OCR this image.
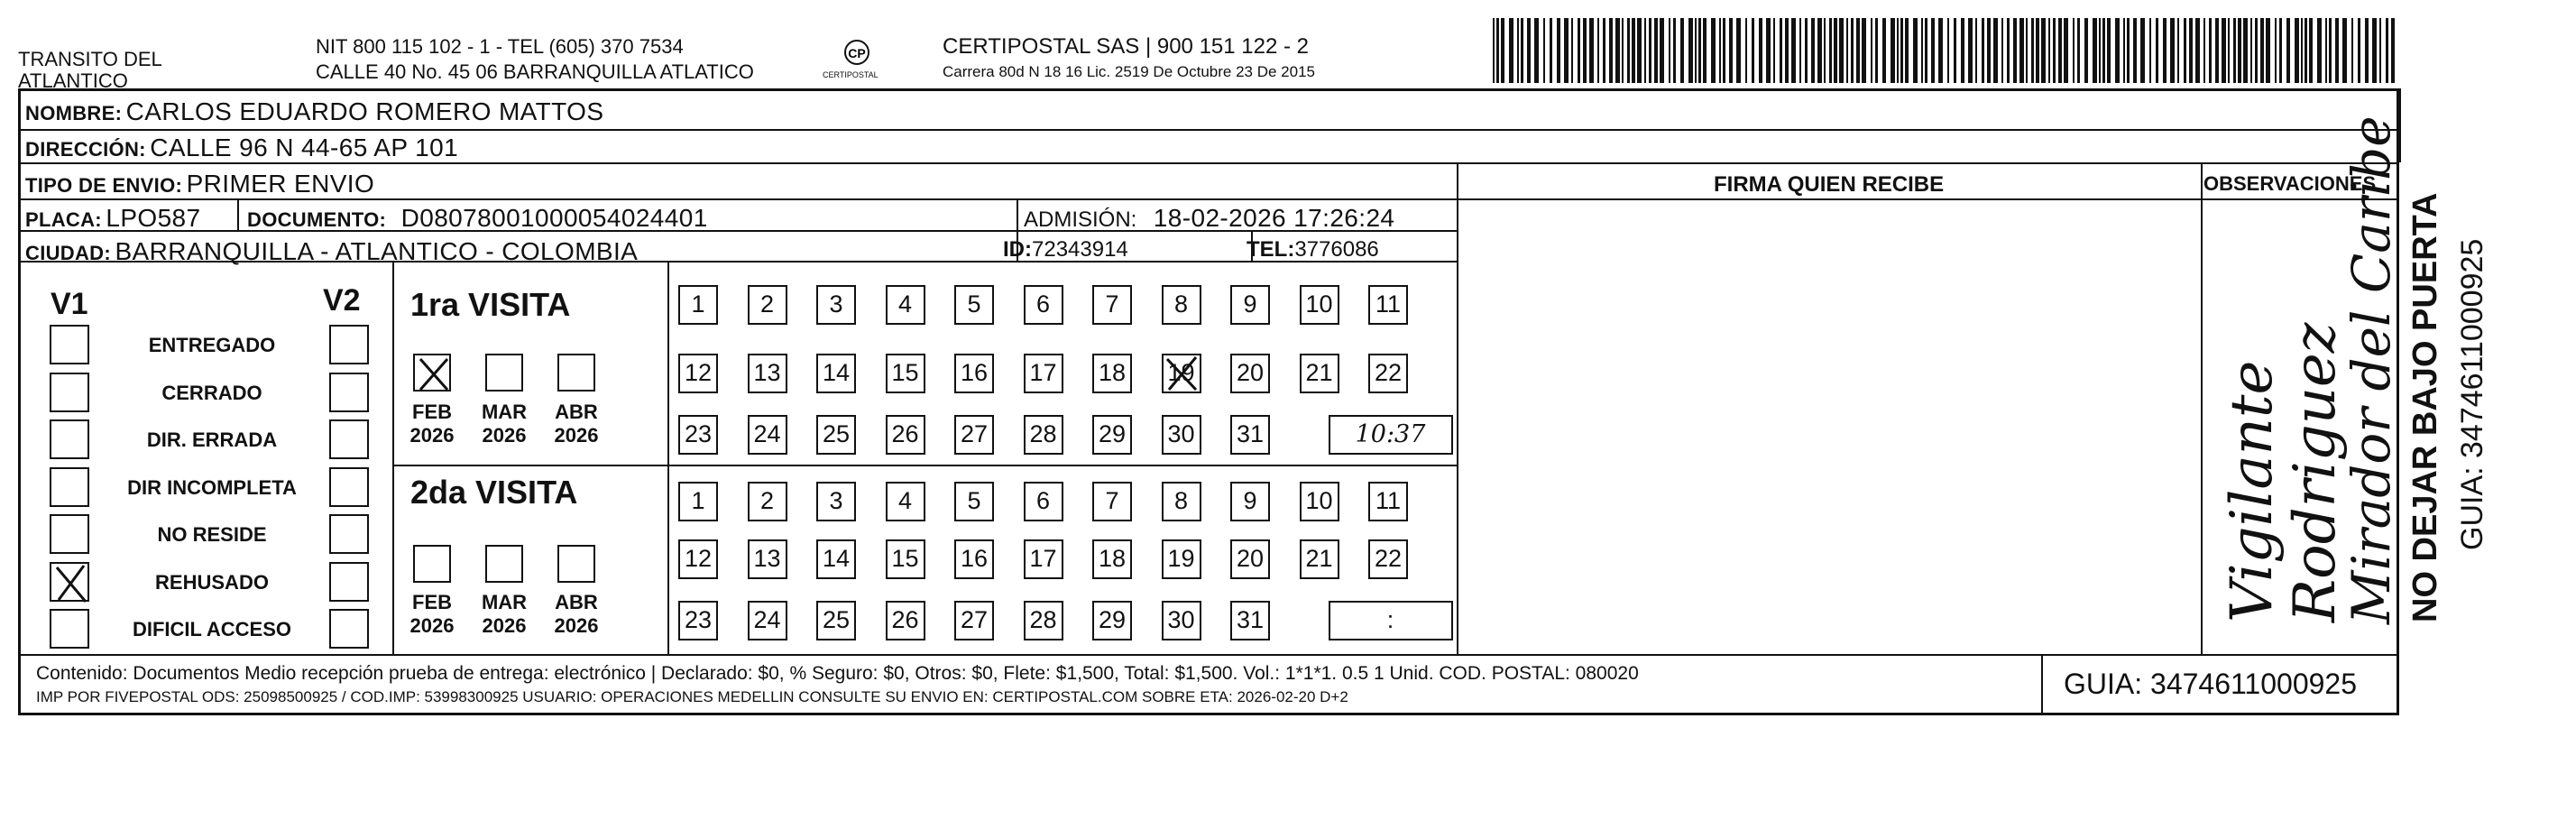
TRANSITO DEL ATLANTICO
NIT 800 115 102 - 1 - TEL (605) 370 7534
CALLE 40 No. 45 06 BARRANQUILLA ATLATICO
CP
CERTIPOSTAL
CERTIPOSTAL SAS | 900 151 122 - 2
Carrera 80d N 18 16 Lic. 2519 De Octubre 23 De 2015
NOMBRE: CARLOS EDUARDO ROMERO MATTOS
DIRECCIÓN: CALLE 96 N 44-65 AP 101
TIPO DE ENVIO: PRIMER ENVIO
PLACA: LPO587 DOCUMENTO: D08078001000054024401	ADMISIÓN: 18-02-2026 17:26:24
CIUDAD: BARRANQUILLA - ATLANTICO - COLOMBIA	ID:72343914	TEL:3776086
FIRMA QUIEN RECIBE	OBSERVACIONES
V1	V2
ENTREGADO
CERRADO
DIR. ERRADA
DIR INCOMPLETA
NO RESIDE
REHUSADO
DIFICIL ACCESO
1ra VISITA
2da VISITA
FEB
2026
MAR
2026
ABR
2026
FEB
2026
MAR
2026
ABR
2026
1	2	3	4	5	6	7	8	9	10 11
12 13 14 15 16 17 18 19 20 21 22
23 24 25 26 27 28 29 30 31	10:37
1	2	3	4	5	6	7	8	9	10 11
12 13 14 15 16 17 18 19 20 21 22
23 24 25 26 27 28 29 30 31	:	Vigilante
Rodriguez
Mirador del Caribe NO DEJAR BAJO PUERTA GUIA: 3474611000925
Contenido: Documentos Medio recepción prueba de entrega: electrónico | Declarado: $0, % Seguro: $0, Otros: $0, Flete: $1,500, Total: $1,500. Vol.: 1*1*1. 0.5 1 Unid. COD. POSTAL: 080020
IMP POR FIVEPOSTAL ODS: 25098500925 / COD.IMP: 53998300925 USUARIO: OPERACIONES MEDELLIN CONSULTE SU ENVIO EN: CERTIPOSTAL.COM SOBRE ETA: 2026-02-20 D+2	GUIA: 3474611000925
